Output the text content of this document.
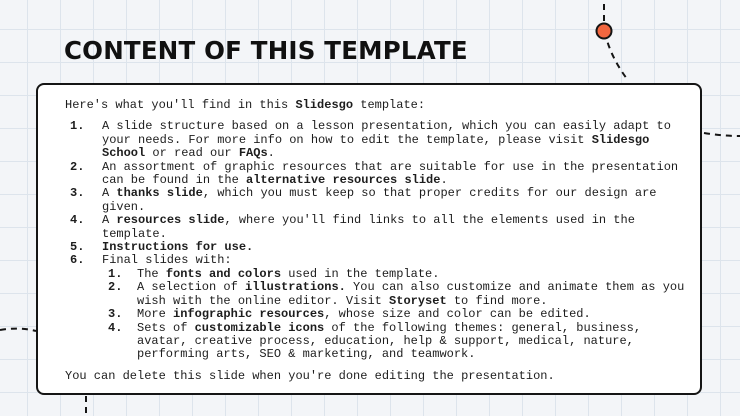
CONTENT OF THIS TEMPLATE

Here's what you'll find in this Slidesgo template:

1.	A slide structure based on a lesson presentation, which you can easily adapt to your needs. For more info on how to edit the template, please visit Slidesgo School or read our FAQs.
2.	An assortment of graphic resources that are suitable for use in the presentation can be found in the alternative resources slide.
3.	A thanks slide, which you must keep so that proper credits for our design are given.
4.	A resources slide, where you'll find links to all the elements used in the template.
5.	Instructions for use.
6.	Final slides with:
1.	The fonts and colors used in the template.
2.	A selection of illustrations. You can also customize and animate them as you wish with the online editor. Visit Storyset to find more.
3.	More infographic resources, whose size and color can be edited.
4.	Sets of customizable icons of the following themes: general, business, avatar, creative process, education, help & support, medical, nature, performing arts, SEO & marketing, and teamwork.

You can delete this slide when you're done editing the presentation.
